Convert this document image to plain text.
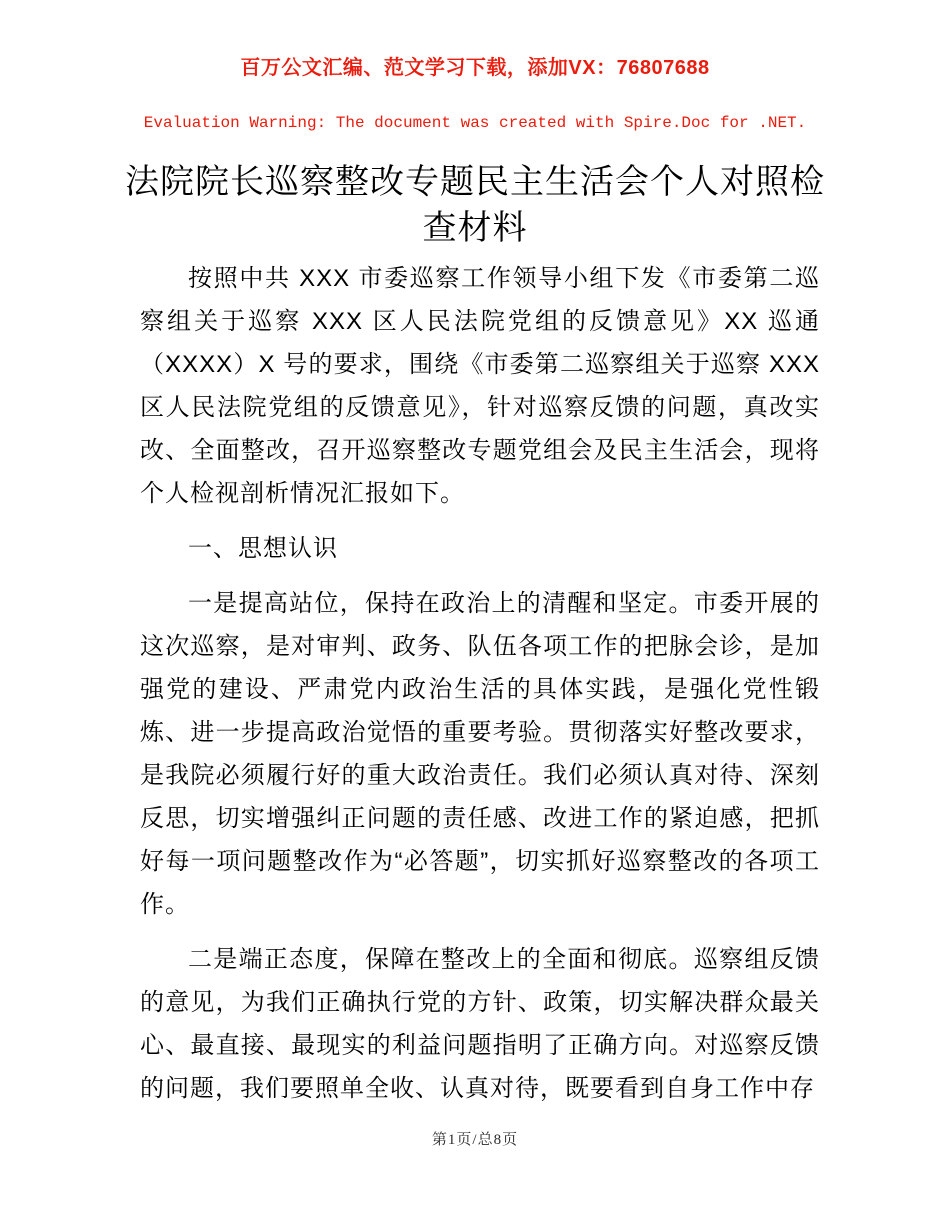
百万公文汇编、范文学习下载，添加VX：76807688
Evaluation Warning: The document was created with Spire.Doc for .NET.
法院院长巡察整改专题民主生活会个人对照检查材料

按照中共 XXX 市委巡察工作领导小组下发《市委第二巡察组关于巡察 XXX 区人民法院党组的反馈意见》XX 巡通（XXXX）X 号的要求，围绕《市委第二巡察组关于巡察 XXX 区人民法院党组的反馈意见》，针对巡察反馈的问题，真改实改、全面整改，召开巡察整改专题党组会及民主生活会，现将个人检视剖析情况汇报如下。

一、思想认识

一是提高站位，保持在政治上的清醒和坚定。市委开展的这次巡察，是对审判、政务、队伍各项工作的把脉会诊，是加强党的建设、严肃党内政治生活的具体实践，是强化党性锻炼、进一步提高政治觉悟的重要考验。贯彻落实好整改要求，是我院必须履行好的重大政治责任。我们必须认真对待、深刻反思，切实增强纠正问题的责任感、改进工作的紧迫感，把抓好每一项问题整改作为“必答题”，切实抓好巡察整改的各项工作。

二是端正态度，保障在整改上的全面和彻底。巡察组反馈的意见，为我们正确执行党的方针、政策，切实解决群众最关心、最直接、最现实的利益问题指明了正确方向。对巡察反馈的问题，我们要照单全收、认真对待，既要看到自身工作中存

第1页/总8页
